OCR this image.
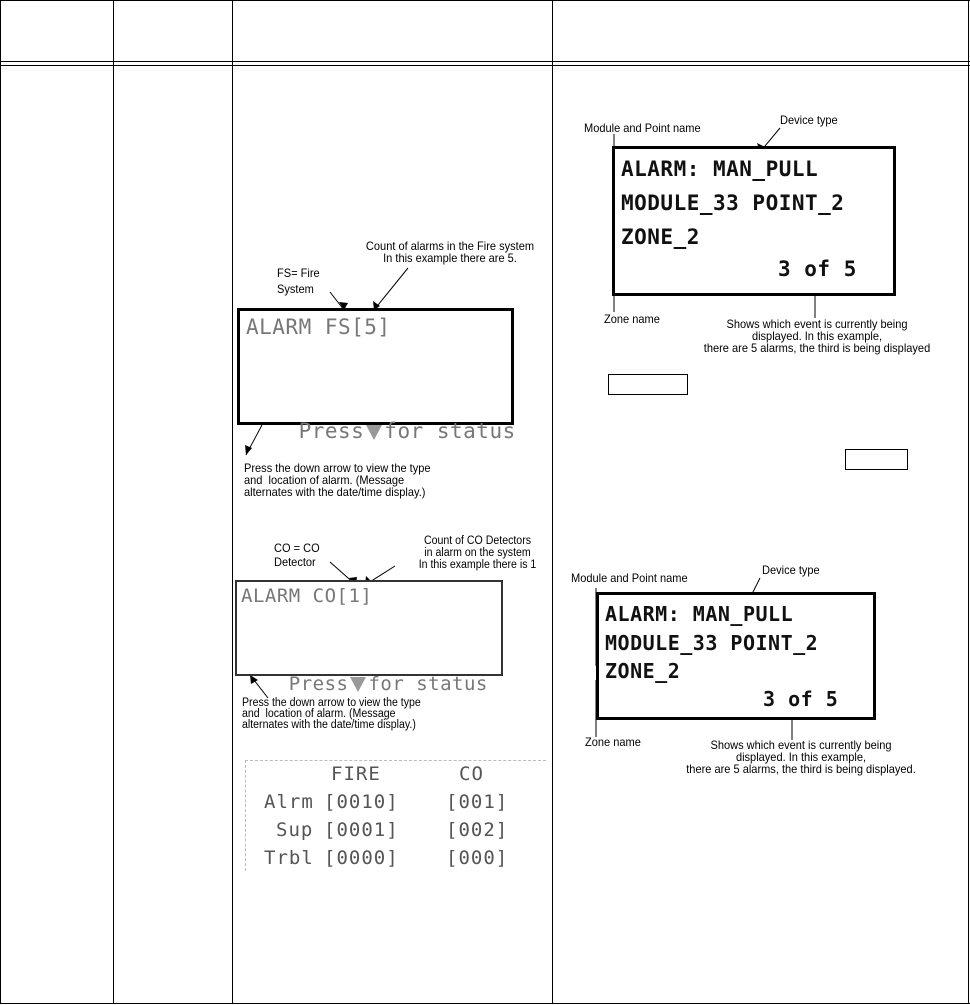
Count of alarms in the Fire system
In this example there are 5.
FS= Fire
System
ALARM FS[5]

Press for status

Press the down arrow to view the type
and  location of alarm. (Message
alternates with the date/time display.)
Count of CO Detectors
in alarm on the system
In this example there is 1
CO = CO
Detector
ALARM CO[1]

Press for status

Press the down arrow to view the type
and  location of alarm. (Message
alternates with the date/time display.)
FIRE	CO
Alrm [0010] [001]
Sup [0001] [002]
Trbl [0000] [000]
Module and Point name
Device type
ALARM: MAN_PULL
MODULE_33 POINT_2
ZONE_2
3 of 5
Zone name	Shows which event is currently being
displayed. In this example,
there are 5 alarms, the third is being displayed
Module and Point name
Device type
ALARM: MAN_PULL
MODULE_33 POINT_2
ZONE_2
3 of 5
Zone name	Shows which event is currently being
displayed. In this example,
there are 5 alarms, the third is being displayed.
